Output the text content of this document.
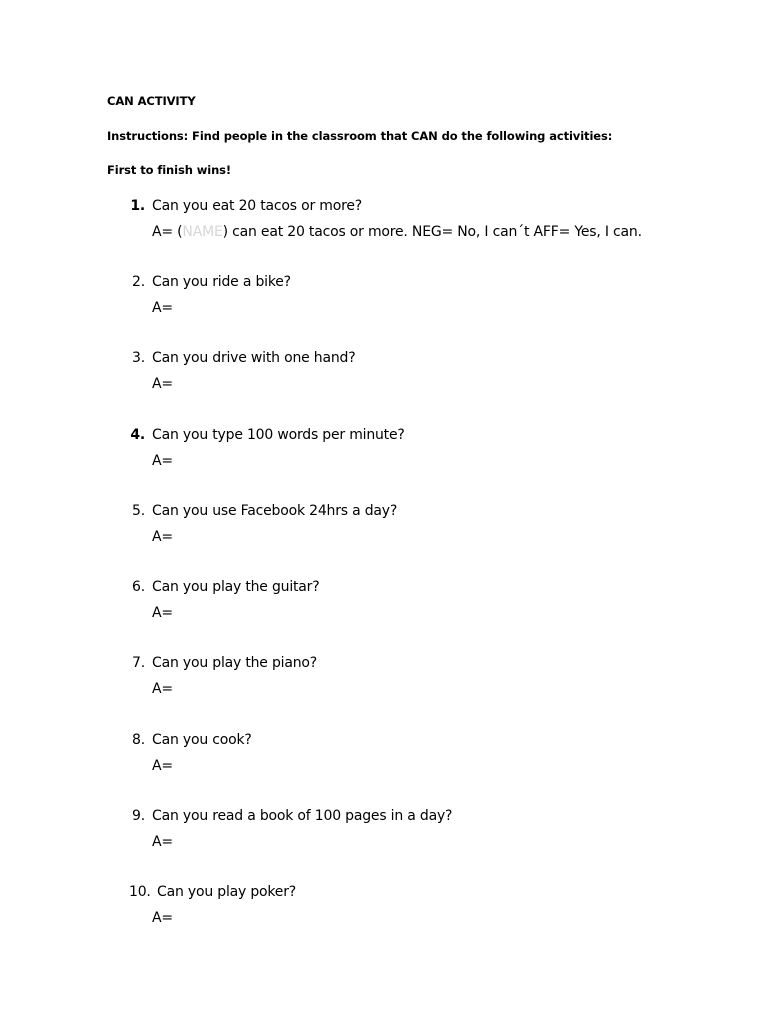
CAN ACTIVITY
Instructions: Find people in the classroom that CAN do the following activities:
First to finish wins!
1. Can you eat 20 tacos or more?
A= (NAME) can eat 20 tacos or more. NEG= No, I can´t AFF= Yes, I can.
2. Can you ride a bike?
A=
3. Can you drive with one hand?
A=
4. Can you type 100 words per minute?
A=
5. Can you use Facebook 24hrs a day?
A=
6. Can you play the guitar?
A=
7. Can you play the piano?
A=
8. Can you cook?
A=
9. Can you read a book of 100 pages in a day?
A=
10. Can you play poker?
A=
